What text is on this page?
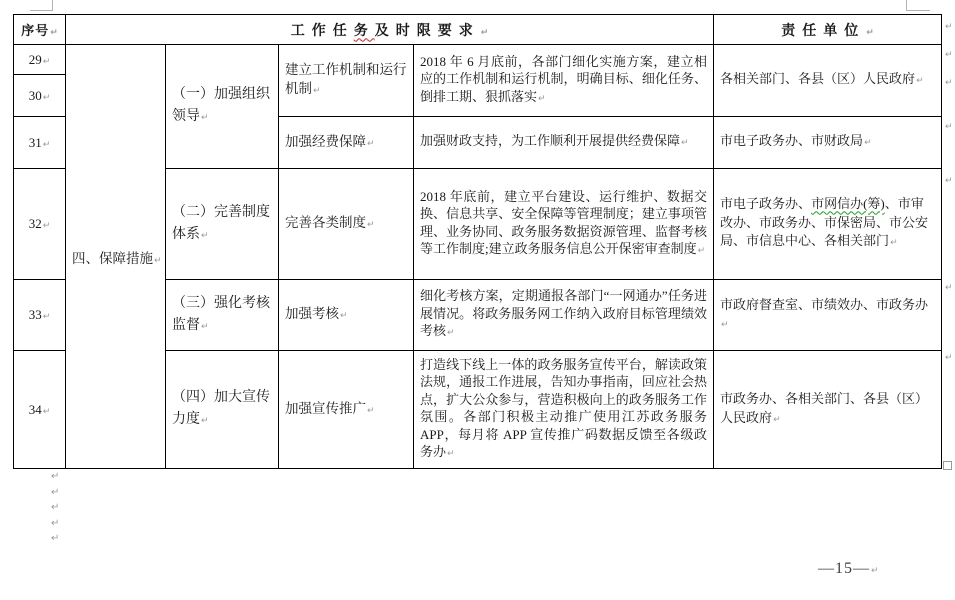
序号↵	工作任务及时限要求↵				责任单位↵
29↵	四、保障措施↵	（一）加强组织领导↵	建立工作机制和运行机制↵	2018 年 6 月底前，各部门细化实施方案，建立相应的工作机制和运行机制，明确目标、细化任务、倒排工期、狠抓落实↵	各相关部门、各县（区）人民政府↵
30↵					
31↵			加强经费保障↵	加强财政支持，为工作顺利开展提供经费保障↵	市电子政务办、市财政局↵
32↵		（二）完善制度体系↵	完善各类制度↵	2018 年底前，建立平台建设、运行维护、数据交换、信息共享、安全保障等管理制度；建立事项管理、业务协同、政务服务数据资源管理、监督考核等工作制度;建立政务服务信息公开保密审查制度↵	市电子政务办、市网信办(筹)、市审改办、市政务办、市保密局、市公安局、市信息中心、各相关部门↵
33↵		（三）强化考核监督↵	加强考核↵	细化考核方案，定期通报各部门“一网通办”任务进展情况。将政务服务网工作纳入政府目标管理绩效考核↵	市政府督查室、市绩效办、市政务办↵
34↵		（四）加大宣传力度↵	加强宣传推广↵	打造线下线上一体的政务服务宣传平台，解读政策法规，通报工作进展，告知办事指南，回应社会热点，扩大公众参与，营造积极向上的政务服务工作氛围。各部门积极主动推广使用江苏政务服务APP，每月将 APP 宣传推广码数据反馈至各级政务办↵	市政务办、各相关部门、各县（区）人民政府↵
↵
↵
↵
↵
↵
↵
↵
↵
↵
↵
↵
↵
—15—↵
